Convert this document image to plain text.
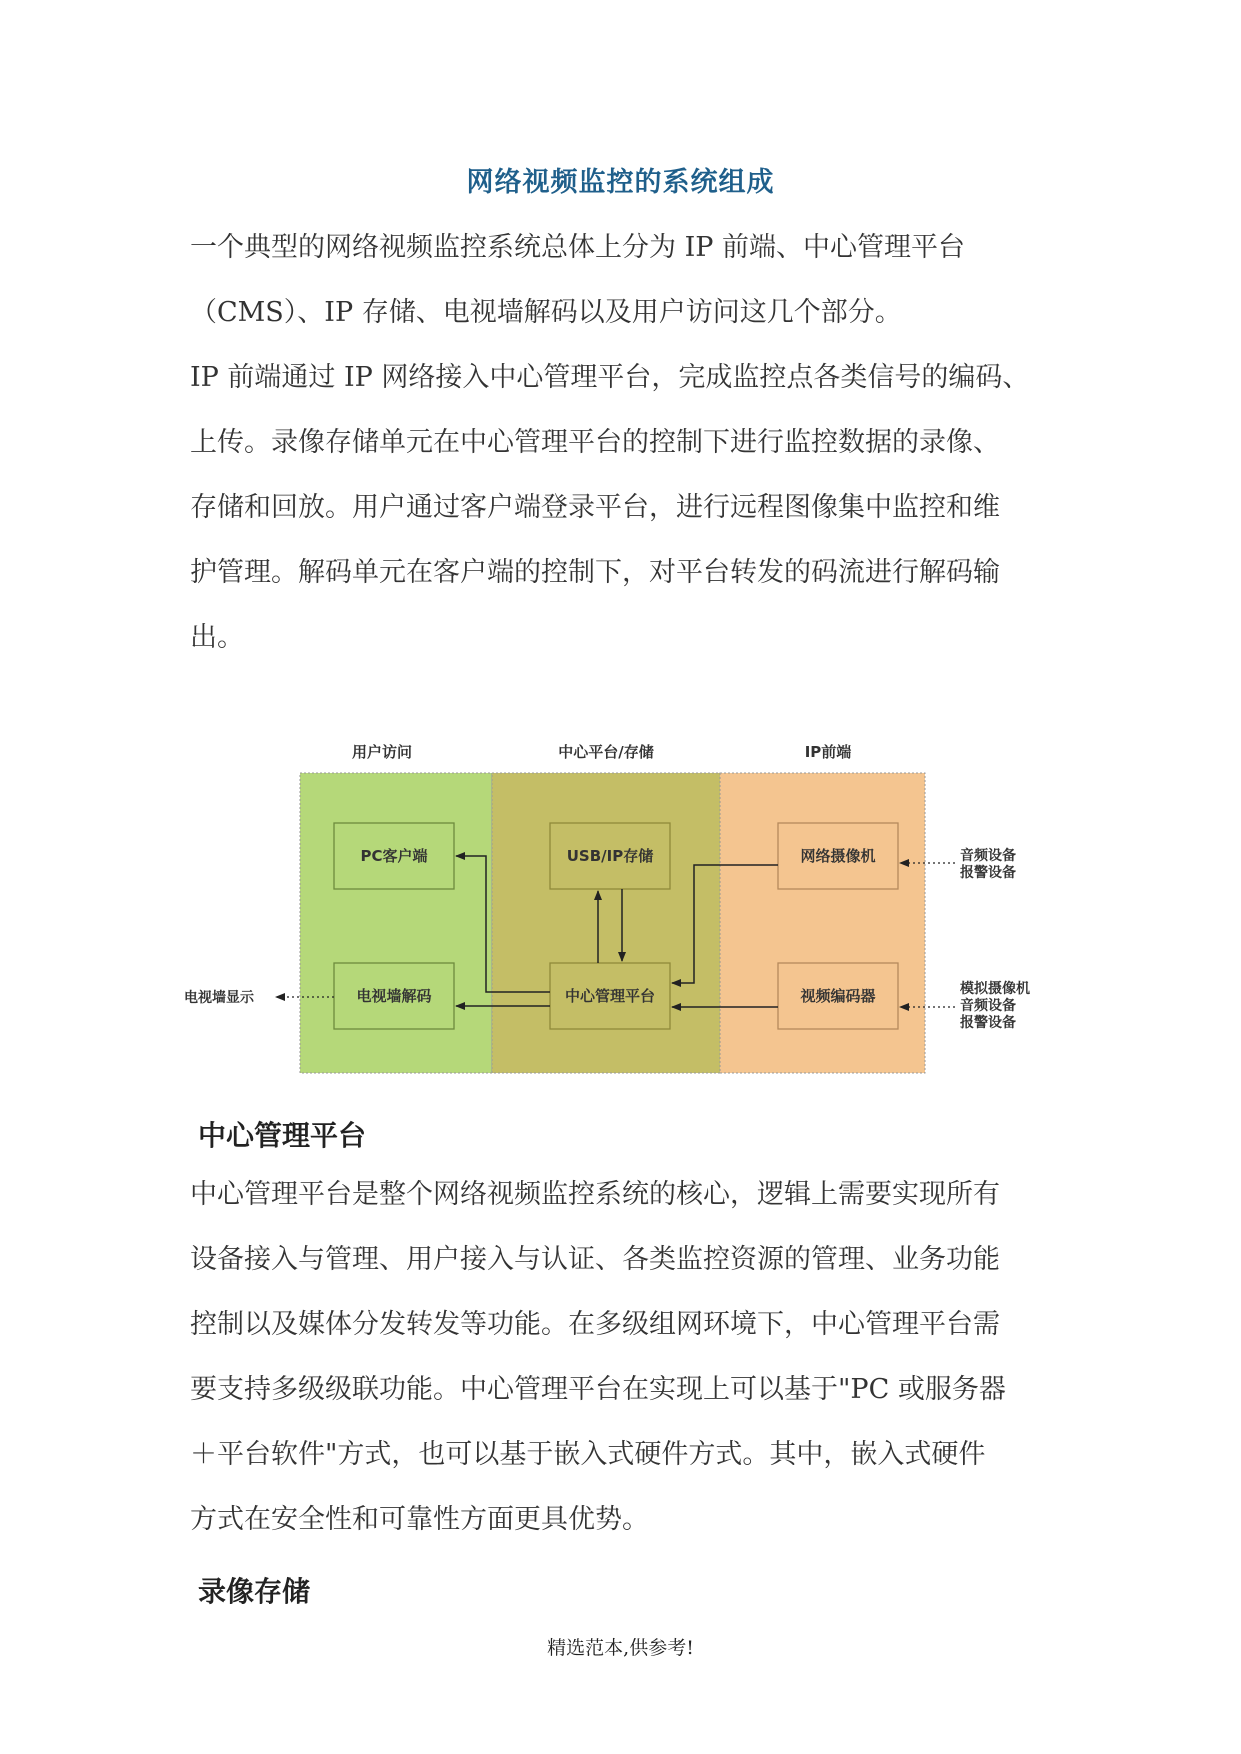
网络视频监控的系统组成
一个典型的网络视频监控系统总体上分为 IP 前端、中心管理平台
（CMS）、IP 存储、电视墙解码以及用户访问这几个部分。
IP 前端通过 IP 网络接入中心管理平台，完成监控点各类信号的编码、
上传。录像存储单元在中心管理平台的控制下进行监控数据的录像、
存储和回放。用户通过客户端登录平台，进行远程图像集中监控和维
护管理。解码单元在客户端的控制下，对平台转发的码流进行解码输
出。
用户访问	中心平台/存储	IP前端
PC客户端
电视墙解码
USB/IP存储
中心管理平台
网络摄像机
视频编码器
电视墙显示
音频设备
报警设备
模拟摄像机
音频设备
报警设备
中心管理平台
中心管理平台是整个网络视频监控系统的核心，逻辑上需要实现所有
设备接入与管理、用户接入与认证、各类监控资源的管理、业务功能
控制以及媒体分发转发等功能。在多级组网环境下，中心管理平台需
要支持多级级联功能。中心管理平台在实现上可以基于"PC 或服务器
＋平台软件"方式，也可以基于嵌入式硬件方式。其中，嵌入式硬件
方式在安全性和可靠性方面更具优势。
录像存储
精选范本,供参考!
